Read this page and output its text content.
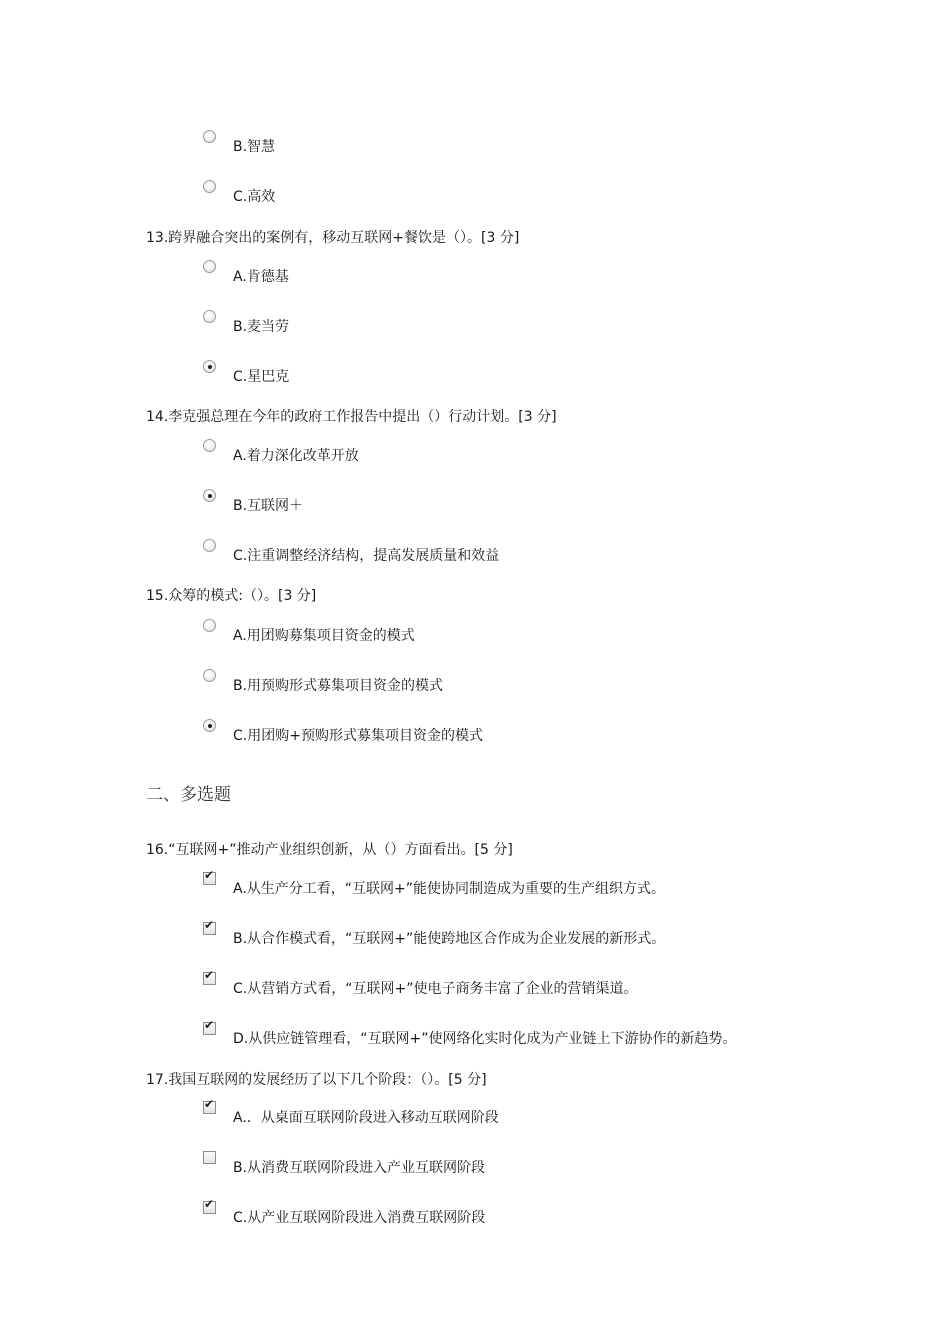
B.智慧
C.高效
13.跨界融合突出的案例有，移动互联网+餐饮是（）。[3 分]
A.肯德基
B.麦当劳
C.星巴克
14.李克强总理在今年的政府工作报告中提出（）行动计划。[3 分]
A.着力深化改革开放
B.互联网＋
C.注重调整经济结构，提高发展质量和效益
15.众筹的模式:（）。[3 分]
A.用团购募集项目资金的模式
B.用预购形式募集项目资金的模式
C.用团购+预购形式募集项目资金的模式
二、多选题
16.“互联网+”推动产业组织创新，从（）方面看出。[5 分]
✔
A.从生产分工看，“互联网+”能使协同制造成为重要的生产组织方式。
✔
B.从合作模式看，“互联网+”能使跨地区合作成为企业发展的新形式。
✔
C.从营销方式看，“互联网+”使电子商务丰富了企业的营销渠道。
✔
D.从供应链管理看，“互联网+”使网络化实时化成为产业链上下游协作的新趋势。
17.我国互联网的发展经历了以下几个阶段：（）。[5 分]
✔
A.．从桌面互联网阶段进入移动互联网阶段
B.从消费互联网阶段进入产业互联网阶段
✔
C.从产业互联网阶段进入消费互联网阶段
